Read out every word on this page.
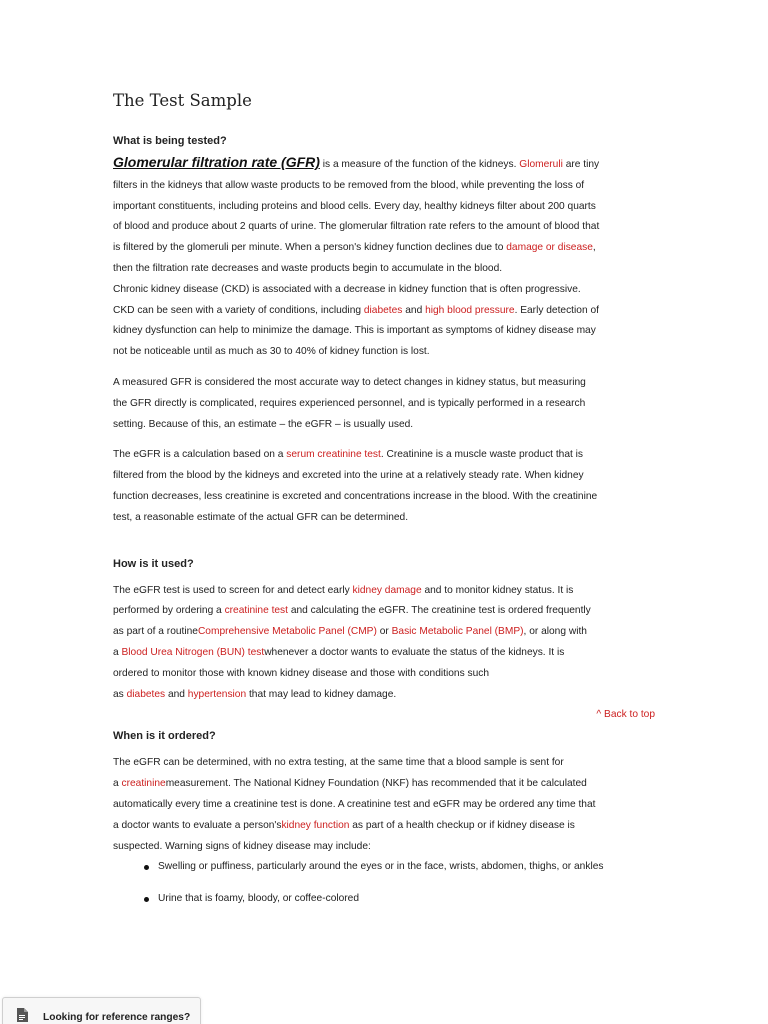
The Test Sample
What is being tested?

Glomerular filtration rate (GFR) is a measure of the function of the kidneys. Glomeruli are tiny
filters in the kidneys that allow waste products to be removed from the blood, while preventing the loss of
important constituents, including proteins and blood cells. Every day, healthy kidneys filter about 200 quarts
of blood and produce about 2 quarts of urine. The glomerular filtration rate refers to the amount of blood that
is filtered by the glomeruli per minute. When a person's kidney function declines due to damage or disease,
then the filtration rate decreases and waste products begin to accumulate in the blood.
Chronic kidney disease (CKD) is associated with a decrease in kidney function that is often progressive.
CKD can be seen with a variety of conditions, including diabetes and high blood pressure. Early detection of
kidney dysfunction can help to minimize the damage. This is important as symptoms of kidney disease may
not be noticeable until as much as 30 to 40% of kidney function is lost.

A measured GFR is considered the most accurate way to detect changes in kidney status, but measuring
the GFR directly is complicated, requires experienced personnel, and is typically performed in a research
setting. Because of this, an estimate – the eGFR – is usually used.

The eGFR is a calculation based on a serum creatinine test. Creatinine is a muscle waste product that is
filtered from the blood by the kidneys and excreted into the urine at a relatively steady rate. When kidney
function decreases, less creatinine is excreted and concentrations increase in the blood. With the creatinine
test, a reasonable estimate of the actual GFR can be determined.

How is it used?

The eGFR test is used to screen for and detect early kidney damage and to monitor kidney status. It is
performed by ordering a creatinine test and calculating the eGFR. The creatinine test is ordered frequently
as part of a routineComprehensive Metabolic Panel (CMP) or Basic Metabolic Panel (BMP), or along with
a Blood Urea Nitrogen (BUN) testwhenever a doctor wants to evaluate the status of the kidneys. It is
ordered to monitor those with known kidney disease and those with conditions such
as diabetes and hypertension that may lead to kidney damage.

^ Back to top
When is it ordered?

The eGFR can be determined, with no extra testing, at the same time that a blood sample is sent for
a creatininemeasurement. The National Kidney Foundation (NKF) has recommended that it be calculated
automatically every time a creatinine test is done. A creatinine test and eGFR may be ordered any time that
a doctor wants to evaluate a person'skidney function as part of a health checkup or if kidney disease is
suspected. Warning signs of kidney disease may include:

Swelling or puffiness, particularly around the eyes or in the face, wrists, abdomen, thighs, or ankles
Urine that is foamy, bloody, or coffee-colored
Looking for reference ranges?
